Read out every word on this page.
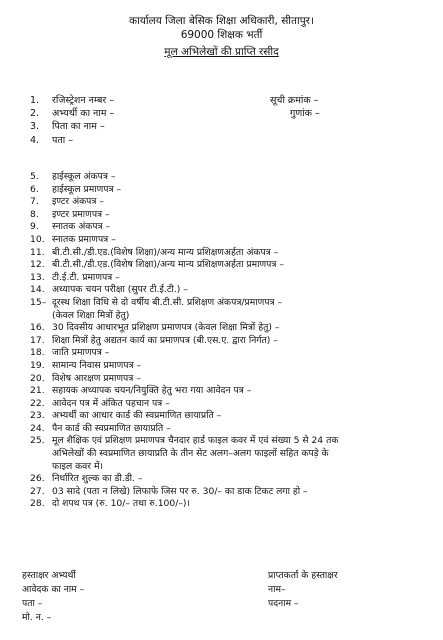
कार्यालय जिला बेसिक शिक्षा अधिकारी, सीतापुर।
69000 शिक्षक भर्ती
मूल अभिलेखों की प्राप्ति रसीद
1. रजिस्ट्रेशन नम्बर –
2. अभ्यर्थी का नाम –
3. पिता का नाम –
4. पता –
सूची क्रमांक –
गुणांक –
5.	हाईस्कूल अंकपत्र –
6.	हाईस्कूल प्रमाणपत्र –
7.	इण्टर अंकपत्र –
8.	इण्टर प्रमाणपत्र –
9.	स्नातक अंकपत्र –
10. स्नातक प्रमाणपत्र –
11. बी.टी.सी./डी.एड.(विशेष शिक्षा)/अन्य मान्य प्रशिक्षणअर्हता अंकपत्र –
12. बी.टी.सी./डी.एड.(विशेष शिक्षा)/अन्य मान्य प्रशिक्षणअर्हता प्रमाणपत्र –
13. टी.ई.टी. प्रमाणपत्र –
14. अध्यापक चयन परीक्षा (सुपर टी.ई.टी.) –
15– दूरस्थ शिक्षा विधि से दो वर्षीय बी.टी.सी. प्रशिक्षण अंकपत्र/प्रमाणपत्र –
(केवल शिक्षा मित्रों हेतु)
16. 30 दिवसीय आधारभूत प्रशिक्षण प्रमाणपत्र (केवल शिक्षा मित्रों हेतु) –
17. शिक्षा मित्रों हेतु अद्यतन कार्य का प्रमाणपत्र (बी.एस.ए. द्वारा निर्गत) –
18. जाति प्रमाणपत्र –
19. सामान्य निवास प्रमाणपत्र –
20. विशेष आरक्षण प्रमाणपत्र –
21. सहायक अध्यापक चयन/नियुक्ति हेतु भरा गया आवेदन पत्र –
22. आवेदन पत्र में अंकित पहचान पत्र –
23. अभ्यर्थी का आधार कार्ड की स्वप्रमाणित छायाप्रति –
24. पैन कार्ड की स्वप्रमाणित छायाप्रति –
25. मूल शैक्षिक एवं प्रशिक्षण प्रमाणपत्र चैनदार हार्ड फाइल कवर में एवं संख्या 5 से 24 तक
अभिलेखों की स्वप्रमाणित छायाप्रति के तीन सेट अलग–अलग फाइलों सहित कपड़े के
फाइल कवर में।
26. निर्धारित शुल्क का डी.डी. –
27. 03 सादे (पता न लिखे) लिफाफे जिस पर रु. 30/– का डाक टिकट लगा हो –
28. दो शपथ पत्र (रु. 10/– तथा रु.100/–)।
हस्ताक्षर अभ्यर्थी
आवेदक का नाम –
पता –
मो. न. –
प्राप्तकर्ता के हस्ताक्षर
नाम–
पदनाम –
